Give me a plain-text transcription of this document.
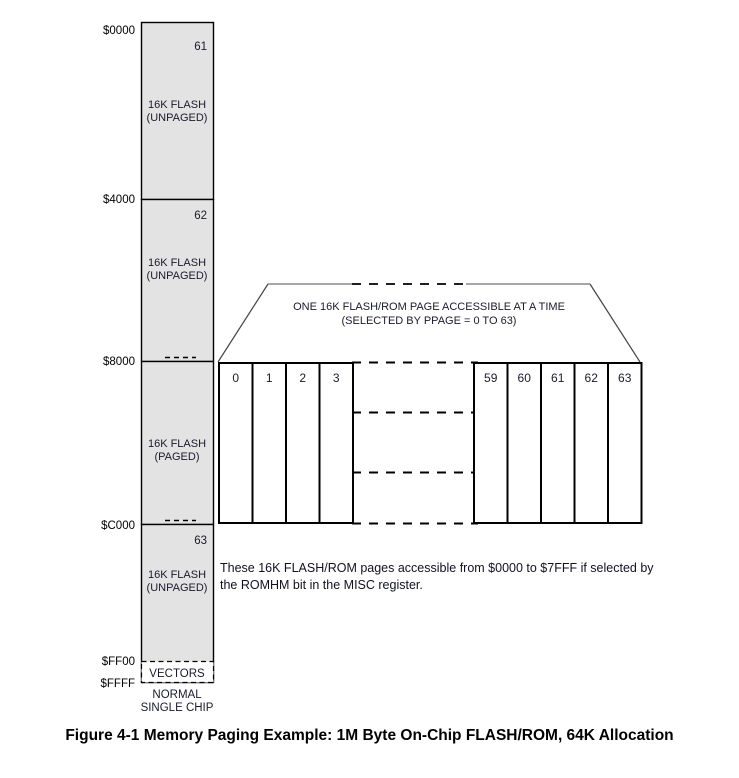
$0000
$4000
$8000
$C000
$FF00
$FFFF
61
62
63
16K FLASH
(UNPAGED)
16K FLASH
(UNPAGED)
16K FLASH
(PAGED)
16K FLASH
(UNPAGED)
VECTORS
NORMAL
SINGLE CHIP
ONE 16K FLASH/ROM PAGE ACCESSIBLE AT A TIME
(SELECTED BY PPAGE = 0 TO 63)
0 1 2 3	59 60 61 62 63
These 16K FLASH/ROM pages accessible from $0000 to $7FFF if selected by
the ROMHM bit in the MISC register.
Figure 4-1 Memory Paging Example: 1M Byte On-Chip FLASH/ROM, 64K Allocation
